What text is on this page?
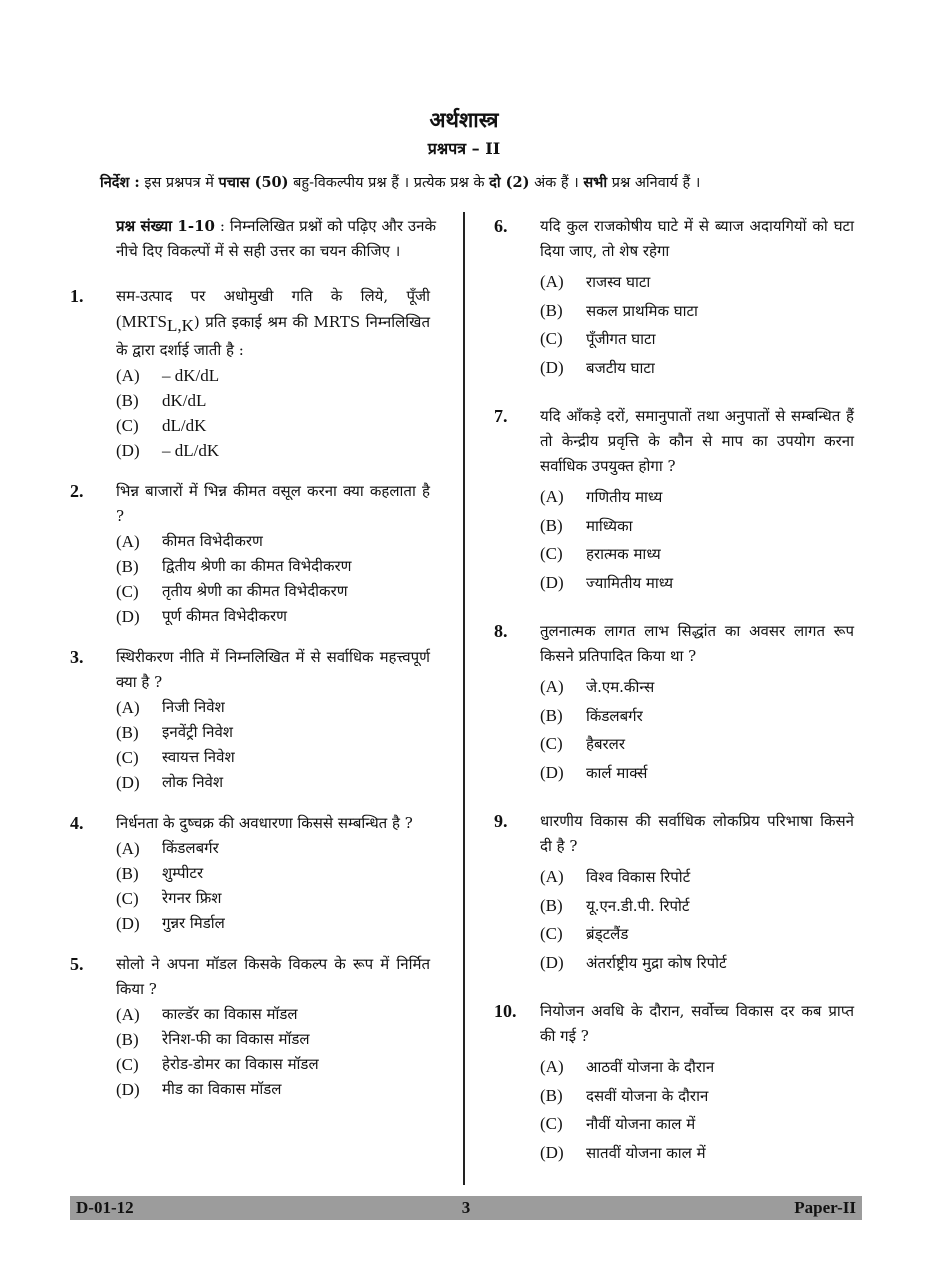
अर्थशास्त्र
प्रश्नपत्र – II
निर्देश : इस प्रश्नपत्र में पचास (50) बहु-विकल्पीय प्रश्न हैं । प्रत्येक प्रश्न के दो (2) अंक हैं । सभी प्रश्न अनिवार्य हैं ।
प्रश्न संख्या 1-10 : निम्नलिखित प्रश्नों को पढ़िए और उनके नीचे दिए विकल्पों में से सही उत्तर का चयन कीजिए ।
1. सम-उत्पाद पर अधोमुखी गति के लिये, पूँजी (MRTSL,K) प्रति इकाई श्रम की MRTS निम्नलिखित के द्वारा दर्शाई जाती है :
(A)	– dK/dL
(B)	dK/dL
(C)	dL/dK
(D)	– dL/dK
2. भिन्न बाजारों में भिन्न कीमत वसूल करना क्या कहलाता है ?
(A)	कीमत विभेदीकरण
(B)	द्वितीय श्रेणी का कीमत विभेदीकरण
(C)	तृतीय श्रेणी का कीमत विभेदीकरण
(D)	पूर्ण कीमत विभेदीकरण
3. स्थिरीकरण नीति में निम्नलिखित में से सर्वाधिक महत्त्वपूर्ण क्या है ?
(A)	निजी निवेश
(B)	इनवेंट्री निवेश
(C)	स्वायत्त निवेश
(D)	लोक निवेश
4. निर्धनता के दुष्चक्र की अवधारणा किससे सम्बन्धित है ?
(A)	किंडलबर्गर
(B)	शुम्पीटर
(C)	रेगनर फ्रिश
(D)	गुन्नर मिर्डाल
5. सोलो ने अपना मॉडल किसके विकल्प के रूप में निर्मित किया ?
(A)	काल्डॅर का विकास मॉडल
(B)	रेनिश-फी का विकास मॉडल
(C)	हेरोड-डोमर का विकास मॉडल
(D)	मीड का विकास मॉडल
6. यदि कुल राजकोषीय घाटे में से ब्याज अदायगियों को घटा दिया जाए, तो शेष रहेगा
(A)	राजस्व घाटा
(B)	सकल प्राथमिक घाटा
(C)	पूँजीगत घाटा
(D)	बजटीय घाटा
7. यदि आँकड़े दरों, समानुपातों तथा अनुपातों से सम्बन्धित हैं तो केन्द्रीय प्रवृत्ति के कौन से माप का उपयोग करना सर्वाधिक उपयुक्त होगा ?
(A)	गणितीय माध्य
(B)	माध्यिका
(C)	हरात्मक माध्य
(D)	ज्यामितीय माध्य
8. तुलनात्मक लागत लाभ सिद्धांत का अवसर लागत रूप किसने प्रतिपादित किया था ?
(A)	जे.एम.कीन्स
(B)	किंडलबर्गर
(C)	हैबरलर
(D)	कार्ल मार्क्स
9. धारणीय विकास की सर्वाधिक लोकप्रिय परिभाषा किसने दी है ?
(A)	विश्व विकास रिपोर्ट
(B)	यू.एन.डी.पी. रिपोर्ट
(C)	ब्रंड्टलैंड
(D)	अंतर्राष्ट्रीय मुद्रा कोष रिपोर्ट
10. नियोजन अवधि के दौरान, सर्वोच्च विकास दर कब प्राप्त की गई ?
(A)	आठवीं योजना के दौरान
(B)	दसवीं योजना के दौरान
(C)	नौवीं योजना काल में
(D)	सातवीं योजना काल में
D-01-12	3	Paper-II
